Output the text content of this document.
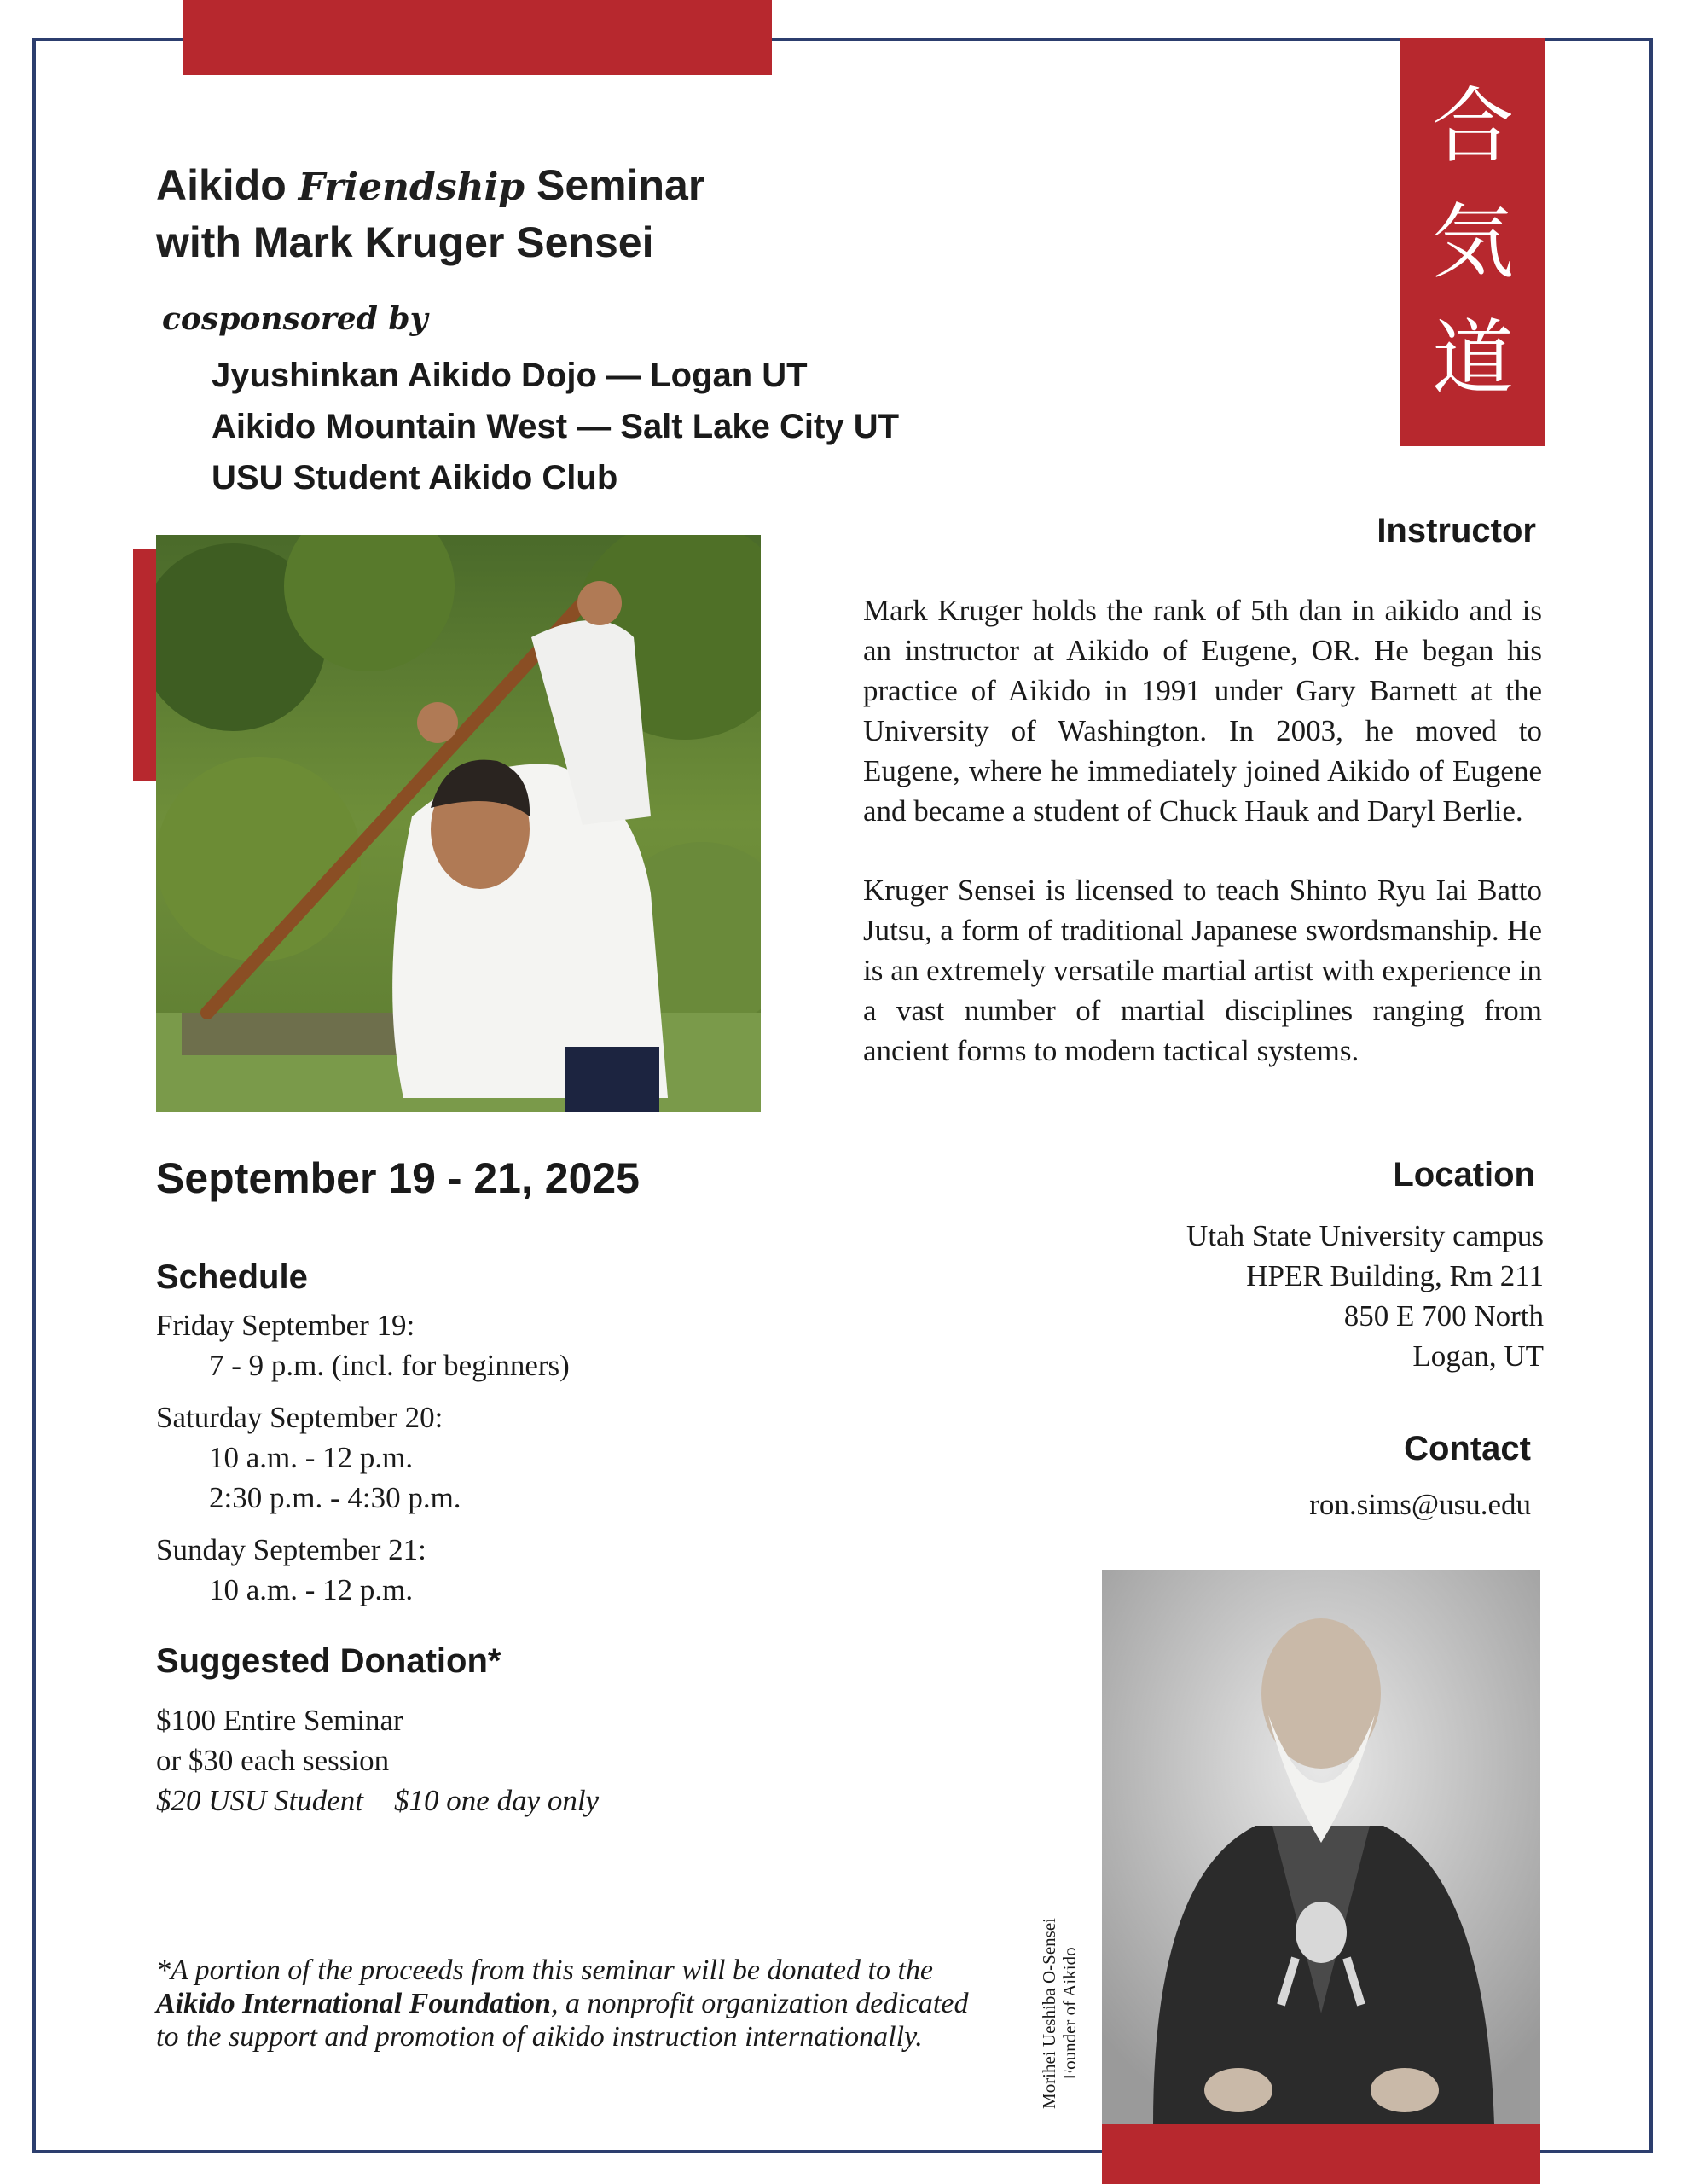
Aikido Friendship Seminar
with Mark Kruger Sensei
cosponsored by
Jyushinkan Aikido Dojo — Logan UT
Aikido Mountain West — Salt Lake City UT
USU Student Aikido Club
合
気
道
Instructor

Mark Kruger holds the rank of 5th dan in aikido and is an instructor at Aikido of Eugene, OR. He began his practice of Aikido in 1991 under Gary Barnett at the University of Washington. In 2003, he moved to Eugene, where he immediately joined Aikido of Eugene and became a student of Chuck Hauk and Daryl Berlie.

Kruger Sensei is licensed to teach Shinto Ryu Iai Batto Jutsu, a form of traditional Japanese swordsmanship. He is an extremely versatile martial artist with experience in a vast number of martial disciplines ranging from ancient forms to modern tactical systems.

September 19 - 21, 2025
Schedule
Friday September 19:
7 - 9 p.m. (incl. for beginners)
Saturday September 20:
10 a.m. - 12 p.m.
2:30 p.m. - 4:30 p.m.
Sunday September 21:
10 a.m. - 12 p.m.
Suggested Donation*
$100 Entire Seminar
or $30 each session
$20 USU Student $10 one day only
Location
Utah State University campus
HPER Building, Rm 211
850 E 700 North
Logan, UT
Contact
ron.sims@usu.edu
Morihei Ueshiba O-Sensei
Founder of Aikido
*A portion of the proceeds from this seminar will be donated to the Aikido International Foundation, a nonprofit organization dedicated to the support and promotion of aikido instruction internationally.
